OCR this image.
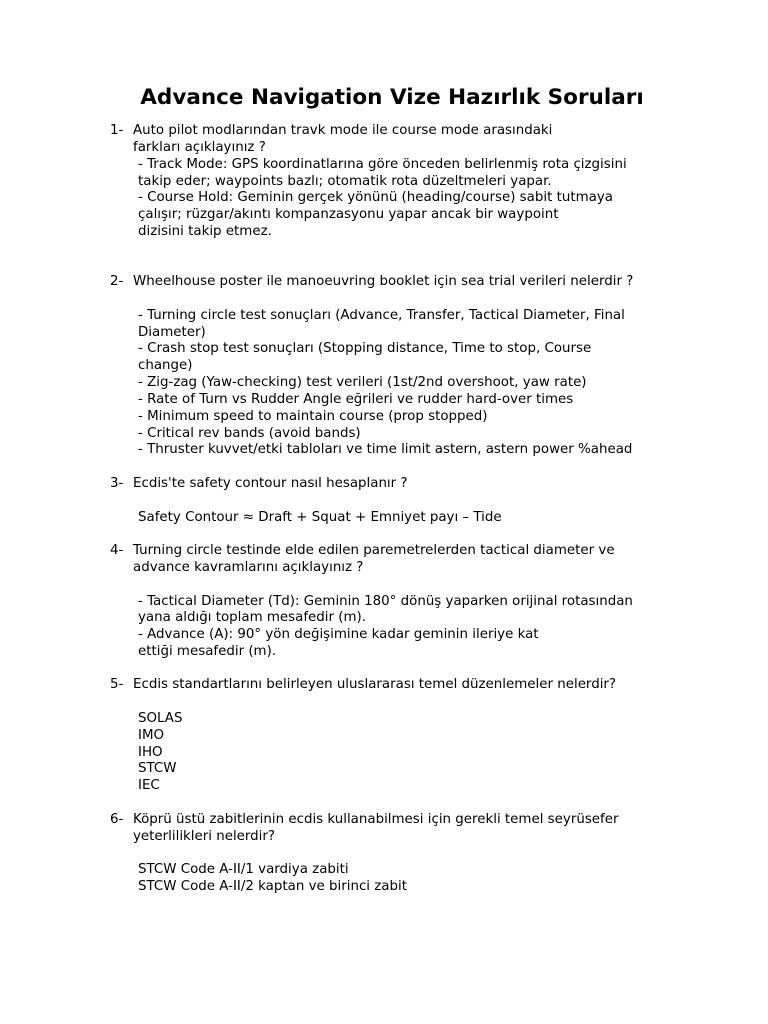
Advance Navigation Vize Hazırlık Soruları
1- Auto pilot modlarından travk mode ile course mode arasındaki
farkları açıklayınız ?
- Track Mode: GPS koordinatlarına göre önceden belirlenmiş rota çizgisini
takip eder; waypoints bazlı; otomatik rota düzeltmeleri yapar.
- Course Hold: Geminin gerçek yönünü (heading/course) sabit tutmaya
çalışır; rüzgar/akıntı kompanzasyonu yapar ancak bir waypoint
dizisini takip etmez.
2- Wheelhouse poster ile manoeuvring booklet için sea trial verileri nelerdir ?
- Turning circle test sonuçları (Advance, Transfer, Tactical Diameter, Final
Diameter)
- Crash stop test sonuçları (Stopping distance, Time to stop, Course
change)
- Zig-zag (Yaw-checking) test verileri (1st/2nd overshoot, yaw rate)
- Rate of Turn vs Rudder Angle eğrileri ve rudder hard-over times
- Minimum speed to maintain course (prop stopped)
- Critical rev bands (avoid bands)
- Thruster kuvvet/etki tabloları ve time limit astern, astern power %ahead
3- Ecdis'te safety contour nasıl hesaplanır ?
Safety Contour ≈ Draft + Squat + Emniyet payı – Tide
4- Turning circle testinde elde edilen paremetrelerden tactical diameter ve
advance kavramlarını açıklayınız ?
- Tactical Diameter (Td): Geminin 180° dönüş yaparken orijinal rotasından
yana aldığı toplam mesafedir (m).
- Advance (A): 90° yön değişimine kadar geminin ileriye kat
ettiği mesafedir (m).
5- Ecdis standartlarını belirleyen uluslararası temel düzenlemeler nelerdir?
SOLAS
IMO
IHO
STCW
IEC
6- Köprü üstü zabitlerinin ecdis kullanabilmesi için gerekli temel seyrüsefer
yeterlilikleri nelerdir?
STCW Code A-II/1 vardiya zabiti
STCW Code A-II/2 kaptan ve birinci zabit
